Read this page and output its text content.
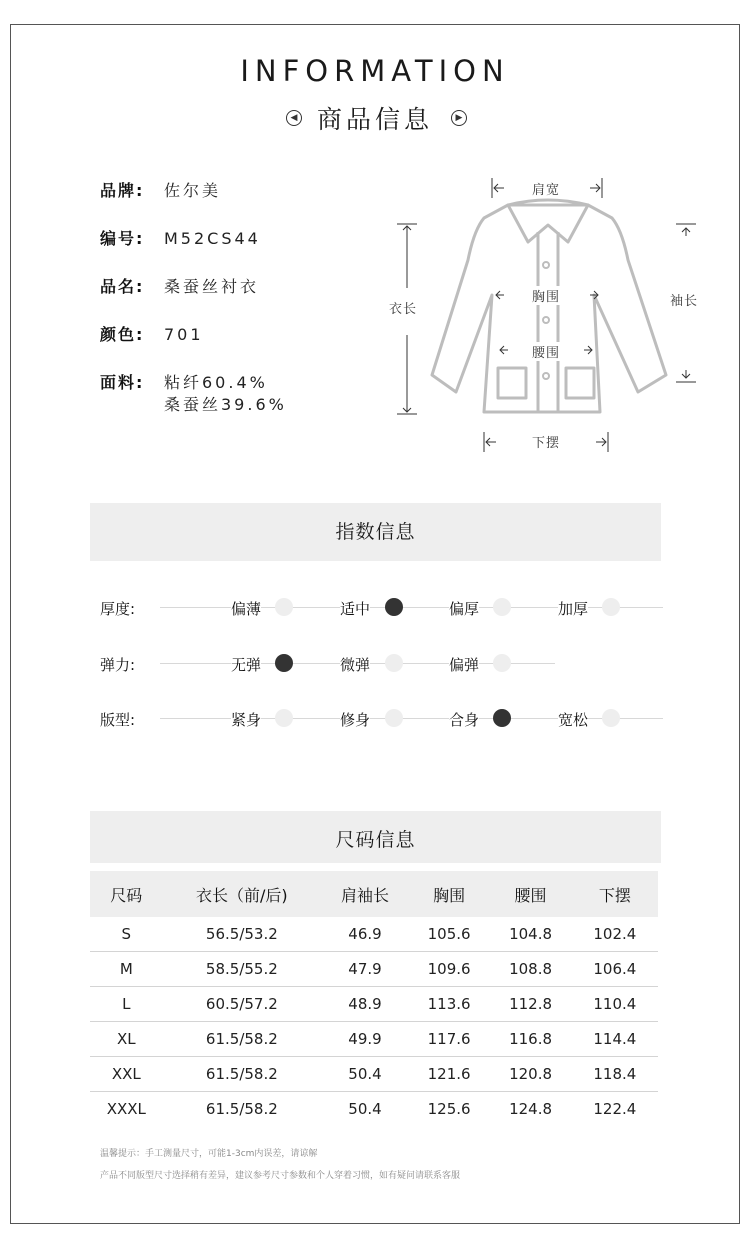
INFORMATION
◀ 商品信息	▶
品牌: 佐尔美
编号: M52CS44
品名: 桑蚕丝衬衣
颜色: 701
面料: 粘纤60.4%
桑蚕丝39.6%
肩宽
衣长
袖长
胸围
腰围
下摆
指数信息
厚度:	偏薄	适中	偏厚	加厚
弹力:	无弹	微弹	偏弹
版型:	紧身	修身	合身	宽松
尺码信息
尺码	衣长（前/后)	肩袖长	胸围	腰围	下摆
S	56.5/53.2	46.9	105.6	104.8	102.4
M	58.5/55.2	47.9	109.6	108.8	106.4
L	60.5/57.2	48.9	113.6	112.8	110.4
XL	61.5/58.2	49.9	117.6	116.8	114.4
XXL	61.5/58.2	50.4	121.6	120.8	118.4
XXXL	61.5/58.2	50.4	125.6	124.8	122.4
温馨提示：手工测量尺寸，可能1-3cm内误差，请谅解
产品不同版型尺寸选择稍有差异，建议参考尺寸参数和个人穿着习惯，如有疑问请联系客服
